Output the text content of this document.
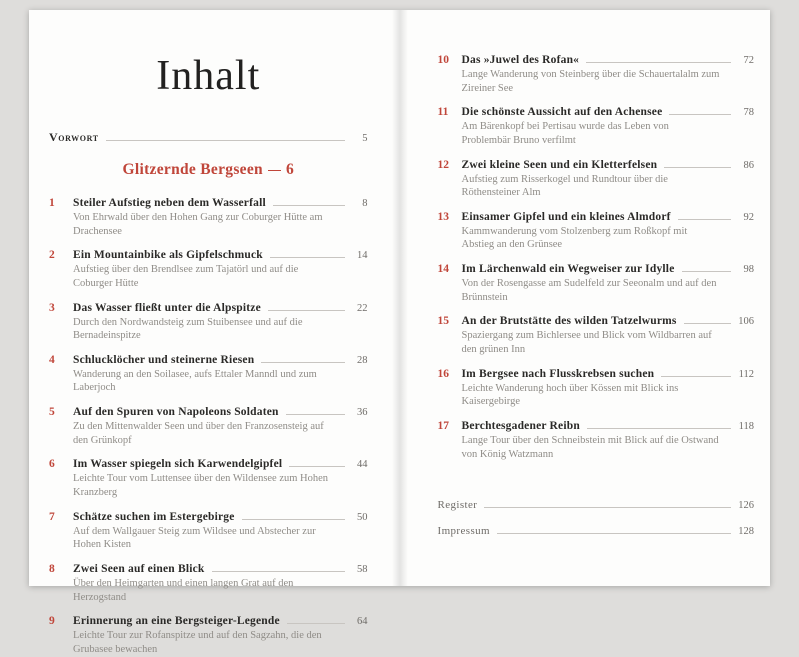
Inhalt
Vorwort	5
Glitzernde Bergseen 6
1	Steiler Aufstieg neben dem Wasserfall	8
Von Ehrwald über den Hohen Gang zur Coburger Hütte am Drachensee
2	Ein Mountainbike als Gipfelschmuck	14
Aufstieg über den Brendlsee zum Tajatörl und auf die Coburger Hütte
3	Das Wasser fließt unter die Alpspitze	22
Durch den Nordwandsteig zum Stuibensee und auf die Bernadeinspitze
4	Schlucklöcher und steinerne Riesen	28
Wanderung an den Soilasee, aufs Ettaler Manndl und zum Laberjoch
5	Auf den Spuren von Napoleons Soldaten	36
Zu den Mittenwalder Seen und über den Franzosensteig auf den Grünkopf
6	Im Wasser spiegeln sich Karwendelgipfel	44
Leichte Tour vom Luttensee über den Wildensee zum Hohen Kranzberg
7	Schätze suchen im Estergebirge	50
Auf dem Wallgauer Steig zum Wildsee und Abstecher zur Hohen Kisten
8	Zwei Seen auf einen Blick	58
Über den Heimgarten und einen langen Grat auf den Herzogstand
9	Erinnerung an eine Bergsteiger-Legende	64
Leichte Tour zur Rofanspitze und auf den Sagzahn, die den Grubasee bewachen
10	Das »Juwel des Rofan«	72
Lange Wanderung von Steinberg über die Schauertalalm zum Zireiner See
11	Die schönste Aussicht auf den Achensee	78
Am Bärenkopf bei Pertisau wurde das Leben von Problembär Bruno verfilmt
12	Zwei kleine Seen und ein Kletterfelsen	86
Aufstieg zum Risserkogel und Rundtour über die Röthensteiner Alm
13	Einsamer Gipfel und ein kleines Almdorf	92
Kammwanderung vom Stolzenberg zum Roßkopf mit Abstieg an den Grünsee
14	Im Lärchenwald ein Wegweiser zur Idylle	98
Von der Rosengasse am Sudelfeld zur Seeonalm und auf den Brünnstein
15	An der Brutstätte des wilden Tatzelwurms	106
Spaziergang zum Bichlersee und Blick vom Wildbarren auf den grünen Inn
16	Im Bergsee nach Flusskrebsen suchen	112
Leichte Wanderung hoch über Kössen mit Blick ins Kaisergebirge
17	Berchtesgadener Reibn	118
Lange Tour über den Schneibstein mit Blick auf die Ostwand von König Watzmann
Register	126
Impressum	128
